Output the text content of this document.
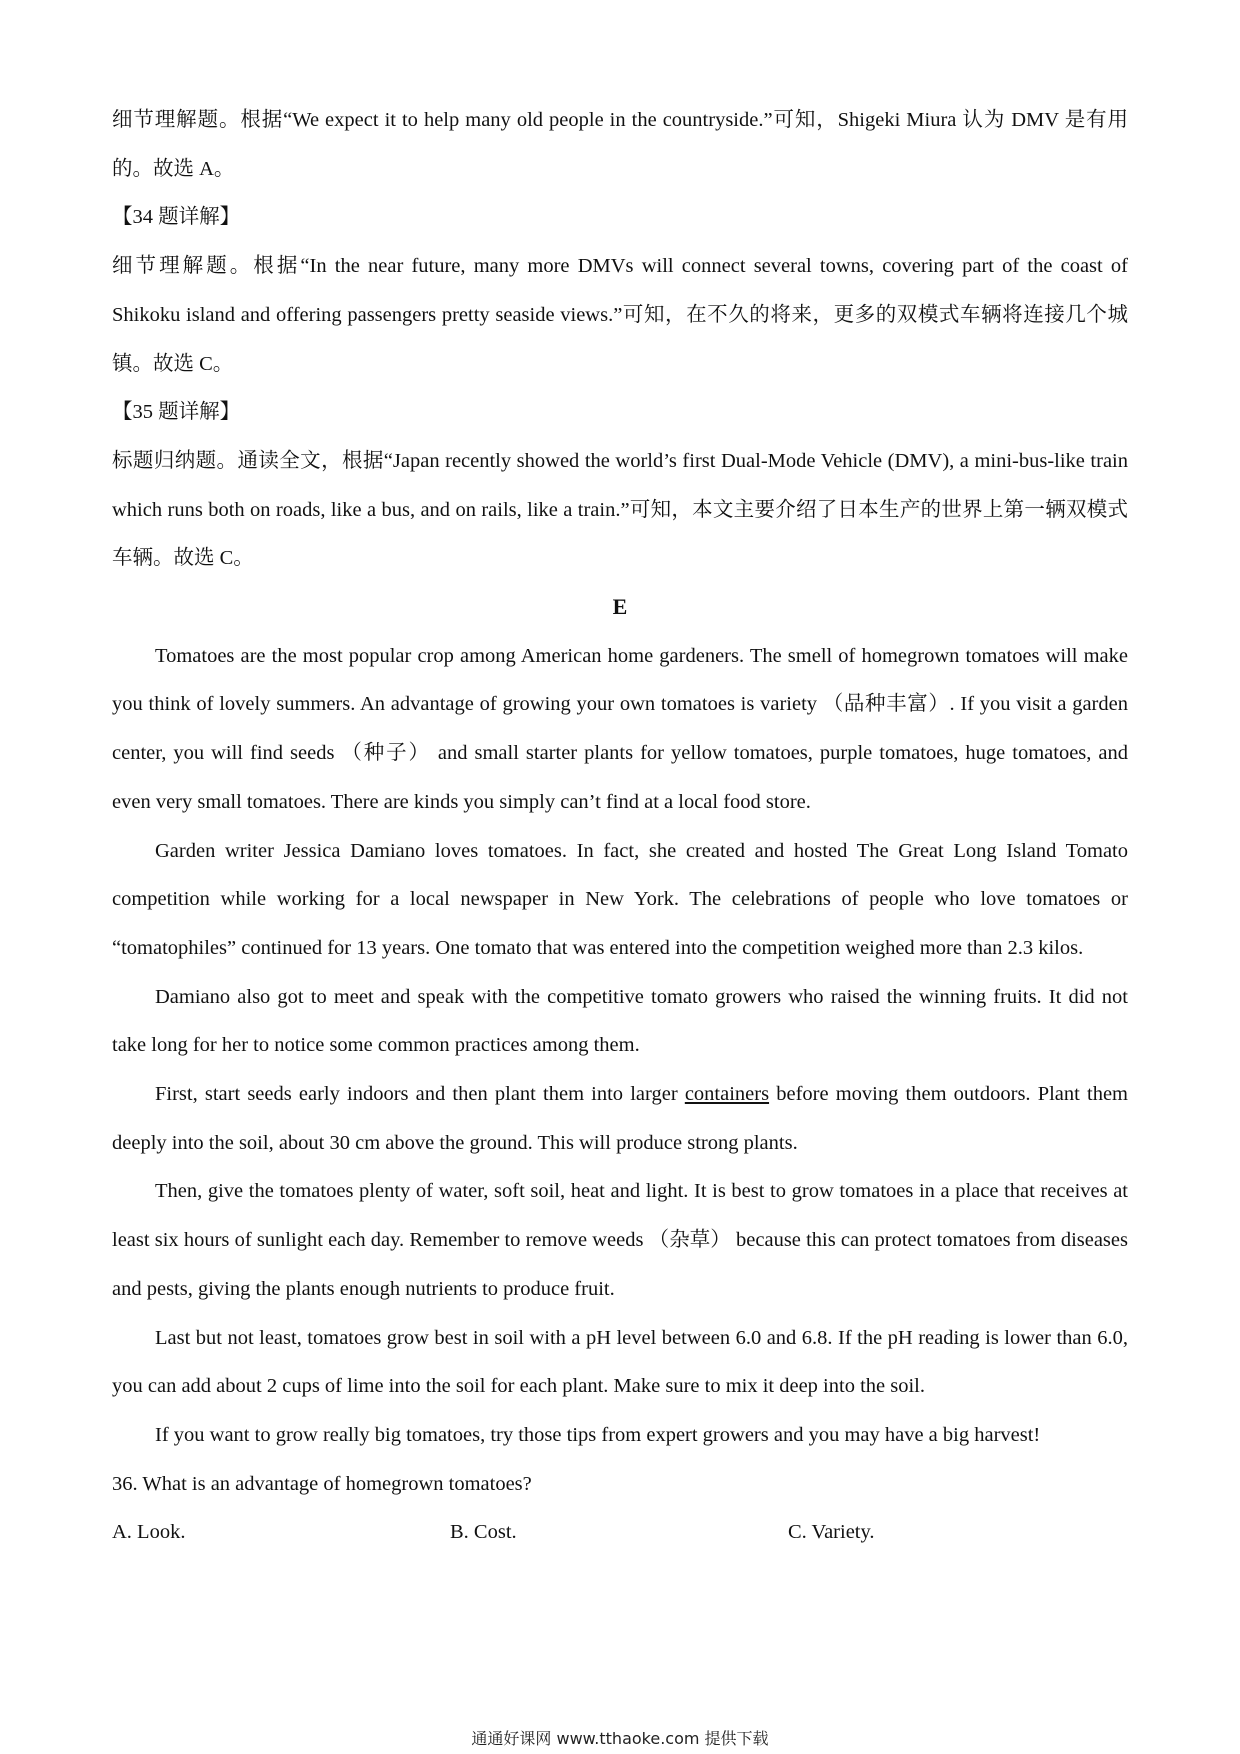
细节理解题。根据“We expect it to help many old people in the countryside.”可知，Shigeki Miura 认为 DMV 是有用的。故选 A。

【34 题详解】

细节理解题。根据“In the near future, many more DMVs will connect several towns, covering part of the coast of Shikoku island and offering passengers pretty seaside views.”可知，在不久的将来，更多的双模式车辆将连接几个城镇。故选 C。

【35 题详解】

标题归纳题。通读全文，根据“Japan recently showed the world’s first Dual-Mode Vehicle (DMV), a mini-bus-like train which runs both on roads, like a bus, and on rails, like a train.”可知，本文主要介绍了日本生产的世界上第一辆双模式车辆。故选 C。

E

Tomatoes are the most popular crop among American home gardeners. The smell of homegrown tomatoes will make you think of lovely summers. An advantage of growing your own tomatoes is variety （品种丰富）. If you visit a garden center, you will find seeds （种子） and small starter plants for yellow tomatoes, purple tomatoes, huge tomatoes, and even very small tomatoes. There are kinds you simply can’t find at a local food store.

Garden writer Jessica Damiano loves tomatoes. In fact, she created and hosted The Great Long Island Tomato competition while working for a local newspaper in New York. The celebrations of people who love tomatoes or “tomatophiles” continued for 13 years. One tomato that was entered into the competition weighed more than 2.3 kilos.

Damiano also got to meet and speak with the competitive tomato growers who raised the winning fruits. It did not take long for her to notice some common practices among them.

First, start seeds early indoors and then plant them into larger containers before moving them outdoors. Plant them deeply into the soil, about 30 cm above the ground. This will produce strong plants.

Then, give the tomatoes plenty of water, soft soil, heat and light. It is best to grow tomatoes in a place that receives at least six hours of sunlight each day. Remember to remove weeds （杂草） because this can protect tomatoes from diseases and pests, giving the plants enough nutrients to produce fruit.

Last but not least, tomatoes grow best in soil with a pH level between 6.0 and 6.8. If the pH reading is lower than 6.0, you can add about 2 cups of lime into the soil for each plant. Make sure to mix it deep into the soil.

If you want to grow really big tomatoes, try those tips from expert growers and you may have a big harvest!

36. What is an advantage of homegrown tomatoes?

A. Look.	B. Cost.	C. Variety.
通通好课网 www.tthaoke.com 提供下载
